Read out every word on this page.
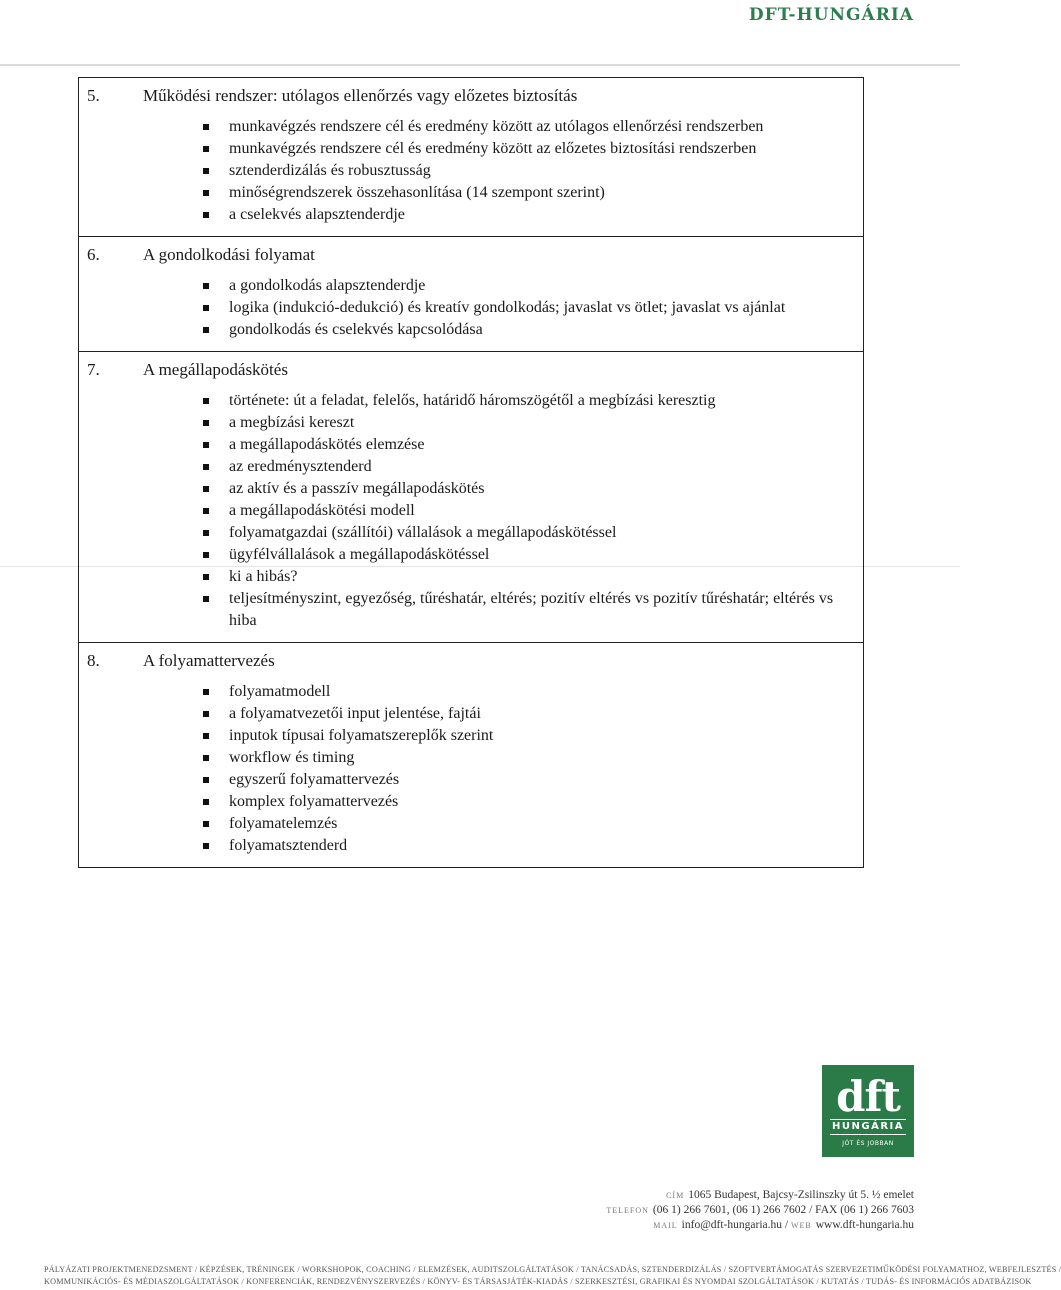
DFT-HUNGÁRIA
5.	Működési rendszer: utólagos ellenőrzés vagy előzetes biztosítás
munkavégzés rendszere cél és eredmény között az utólagos ellenőrzési rendszerben
munkavégzés rendszere cél és eredmény között az előzetes biztosítási rendszerben
sztenderdizálás és robusztusság
minőségrendszerek összehasonlítása (14 szempont szerint)
a cselekvés alapsztenderdje
6.	A gondolkodási folyamat
a gondolkodás alapsztenderdje
logika (indukció-dedukció) és kreatív gondolkodás; javaslat vs ötlet; javaslat vs ajánlat
gondolkodás és cselekvés kapcsolódása
7.	A megállapodáskötés
története: út a feladat, felelős, határidő háromszögétől a megbízási keresztig
a megbízási kereszt
a megállapodáskötés elemzése
az eredménysztenderd
az aktív és a passzív megállapodáskötés
a megállapodáskötési modell
folyamatgazdai (szállítói) vállalások a megállapodáskötéssel
ügyfélvállalások a megállapodáskötéssel
ki a hibás?
teljesítményszint, egyezőség, tűréshatár, eltérés; pozitív eltérés vs pozitív tűréshatár; eltérés vs hiba
8.	A folyamattervezés
folyamatmodell
a folyamatvezetői input jelentése, fajtái
inputok típusai folyamatszereplők szerint
workflow és timing
egyszerű folyamattervezés
komplex folyamattervezés
folyamatelemzés
folyamatsztenderd
dft
HUNGÁRIA
JÓT ÉS JOBBAN
CÍM 1065 Budapest, Bajcsy-Zsilinszky út 5. ½ emelet
TELEFON (06 1) 266 7601, (06 1) 266 7602 / FAX (06 1) 266 7603
MAIL info@dft-hungaria.hu / WEB www.dft-hungaria.hu
PÁLYÁZATI PROJEKTMENEDZSMENT / KÉPZÉSEK, TRÉNINGEK / WORKSHOPOK, COACHING / ELEMZÉSEK, AUDITSZOLGÁLTATÁSOK / TANÁCSADÁS, SZTENDERDIZÁLÁS / SZOFTVERTÁMOGATÁS SZERVEZETIMŰKÖDÉSI FOLYAMATHOZ, WEBFEJLESZTÉS /
KOMMUNIKÁCIÓS- ÉS MÉDIASZOLGÁLTATÁSOK / KONFERENCIÁK, RENDEZVÉNYSZERVEZÉS / KÖNYV- ÉS TÁRSASJÁTÉK-KIADÁS / SZERKESZTÉSI, GRAFIKAI ÉS NYOMDAI SZOLGÁLTATÁSOK / KUTATÁS / TUDÁS- ÉS INFORMÁCIÓS ADATBÁZISOK
